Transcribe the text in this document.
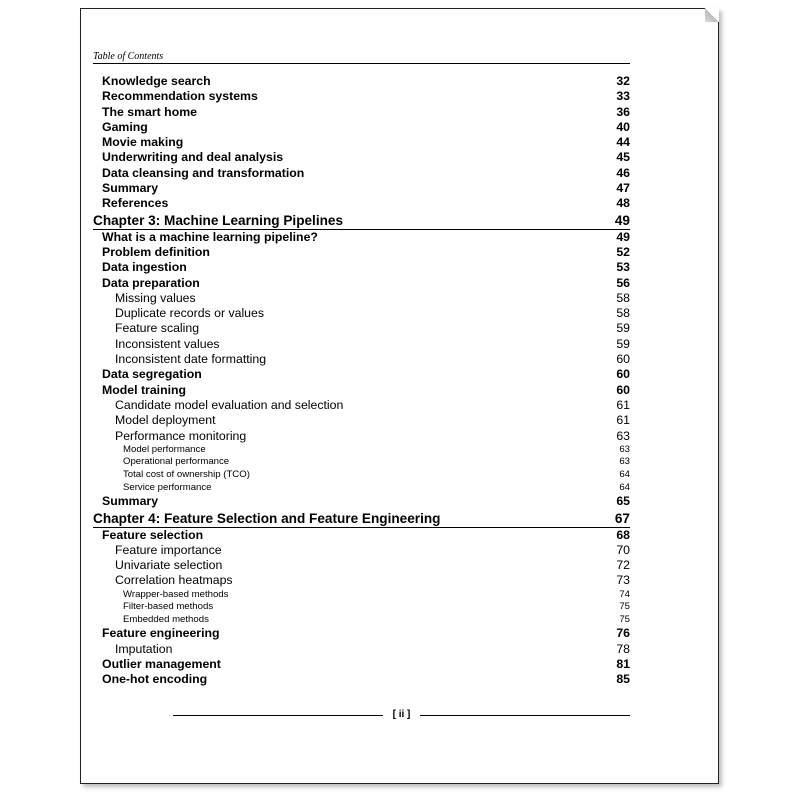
Table of Contents
Knowledge search	32
Recommendation systems	33
The smart home	36
Gaming	40
Movie making	44
Underwriting and deal analysis	45
Data cleansing and transformation	46
Summary	47
References	48
Chapter 3: Machine Learning Pipelines	49
What is a machine learning pipeline?	49
Problem definition	52
Data ingestion	53
Data preparation	56
Missing values	58
Duplicate records or values	58
Feature scaling	59
Inconsistent values	59
Inconsistent date formatting	60
Data segregation	60
Model training	60
Candidate model evaluation and selection	61
Model deployment	61
Performance monitoring	63
Model performance	63
Operational performance	63
Total cost of ownership (TCO)	64
Service performance	64
Summary	65
Chapter 4: Feature Selection and Feature Engineering	67
Feature selection	68
Feature importance	70
Univariate selection	72
Correlation heatmaps	73
Wrapper-based methods	74
Filter-based methods	75
Embedded methods	75
Feature engineering	76
Imputation	78
Outlier management	81
One-hot encoding	85
[ ii ]
